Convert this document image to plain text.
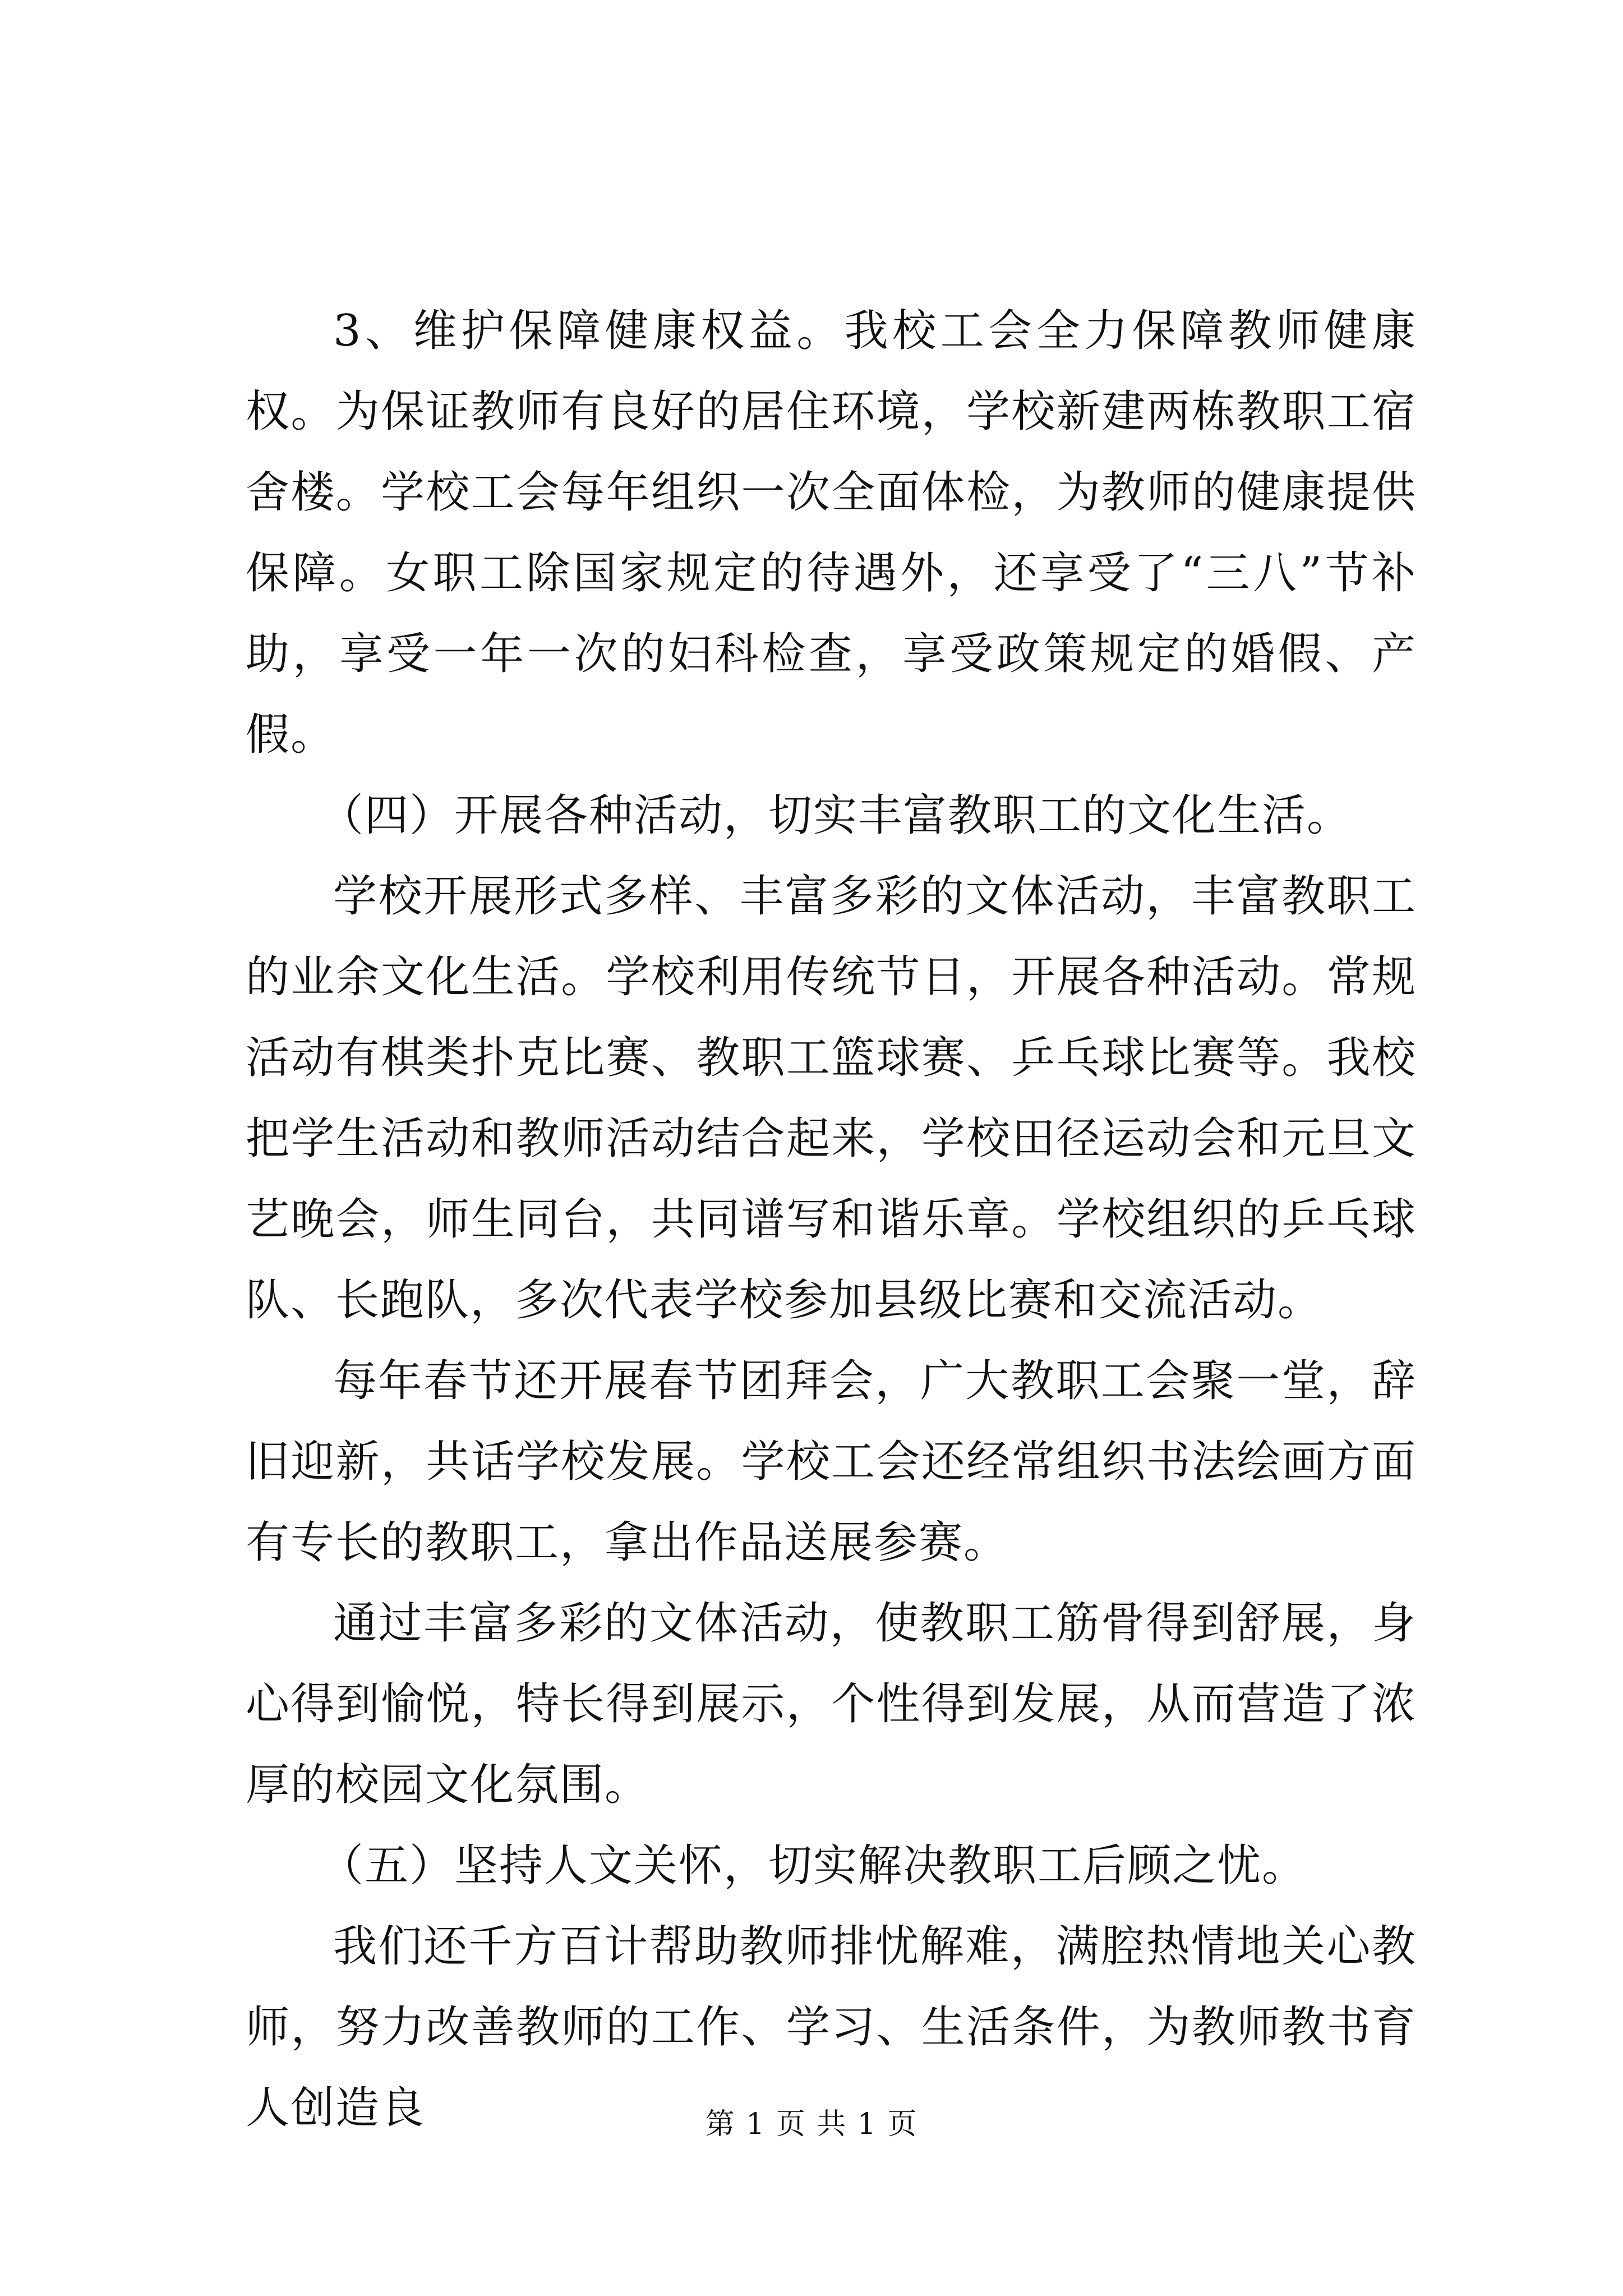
3、维护保障健康权益。我校工会全力保障教师健康权。为保证教师有良好的居住环境，学校新建两栋教职工宿舍楼。学校工会每年组织一次全面体检，为教师的健康提供保障。女职工除国家规定的待遇外，还享受了“三八”节补助，享受一年一次的妇科检查，享受政策规定的婚假、产假。

（四）开展各种活动，切实丰富教职工的文化生活。

学校开展形式多样、丰富多彩的文体活动，丰富教职工的业余文化生活。学校利用传统节日，开展各种活动。常规活动有棋类扑克比赛、教职工篮球赛、乒乓球比赛等。我校把学生活动和教师活动结合起来，学校田径运动会和元旦文艺晚会，师生同台，共同谱写和谐乐章。学校组织的乒乓球队、长跑队，多次代表学校参加县级比赛和交流活动。

每年春节还开展春节团拜会，广大教职工会聚一堂，辞旧迎新，共话学校发展。学校工会还经常组织书法绘画方面有专长的教职工，拿出作品送展参赛。

通过丰富多彩的文体活动，使教职工筋骨得到舒展，身心得到愉悦，特长得到展示，个性得到发展，从而营造了浓厚的校园文化氛围。

（五）坚持人文关怀，切实解决教职工后顾之忧。

我们还千方百计帮助教师排忧解难，满腔热情地关心教师，努力改善教师的工作、学习、生活条件，为教师教书育人创造良	第 1 页 共 1 页
